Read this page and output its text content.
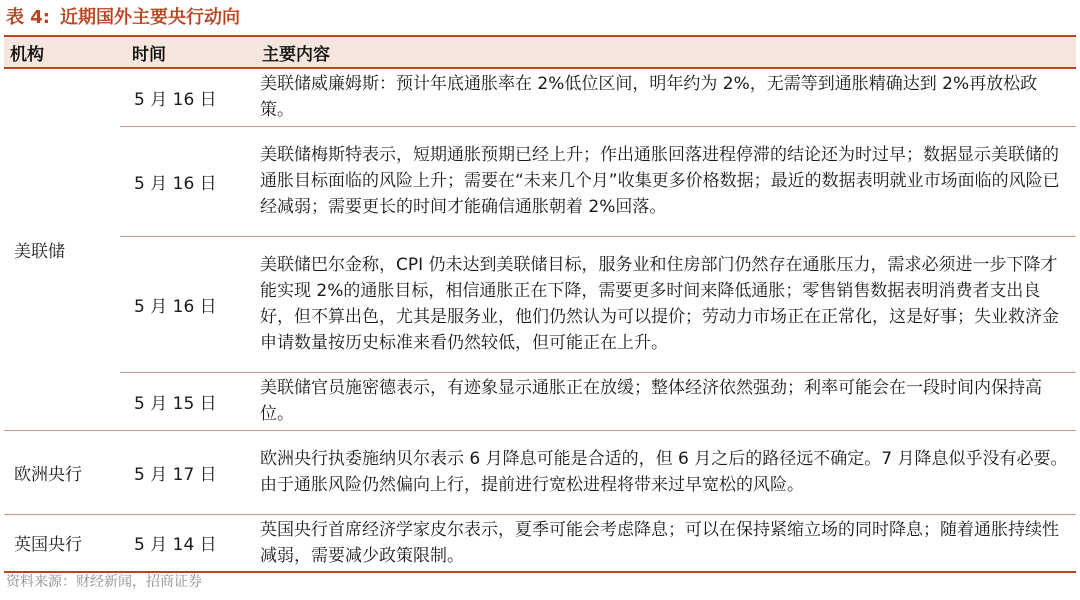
表 4: 近期国外主要央行动向
机构	时间	主要内容
美联储	5 月 16 日	美联储威廉姆斯：预计年底通胀率在 2%低位区间，明年约为 2%，无需等到通胀精确达到 2%再放松政策。
	5 月 16 日	美联储梅斯特表示，短期通胀预期已经上升；作出通胀回落进程停滞的结论还为时过早；数据显示美联储的通胀目标面临的风险上升；需要在“未来几个月”收集更多价格数据；最近的数据表明就业市场面临的风险已经减弱；需要更长的时间才能确信通胀朝着 2%回落。
	5 月 16 日	美联储巴尔金称，CPI 仍未达到美联储目标，服务业和住房部门仍然存在通胀压力，需求必须进一步下降才能实现 2%的通胀目标，相信通胀正在下降，需要更多时间来降低通胀；零售销售数据表明消费者支出良好，但不算出色，尤其是服务业，他们仍然认为可以提价；劳动力市场正在正常化，这是好事；失业救济金申请数量按历史标准来看仍然较低，但可能正在上升。
	5 月 15 日	美联储官员施密德表示，有迹象显示通胀正在放缓；整体经济依然强劲；利率可能会在一段时间内保持高位。
欧洲央行	5 月 17 日	欧洲央行执委施纳贝尔表示 6 月降息可能是合适的，但 6 月之后的路径远不确定。7 月降息似乎没有必要。由于通胀风险仍然偏向上行，提前进行宽松进程将带来过早宽松的风险。
英国央行	5 月 14 日	英国央行首席经济学家皮尔表示，夏季可能会考虑降息；可以在保持紧缩立场的同时降息；随着通胀持续性减弱，需要减少政策限制。
资料来源：财经新闻，招商证券
